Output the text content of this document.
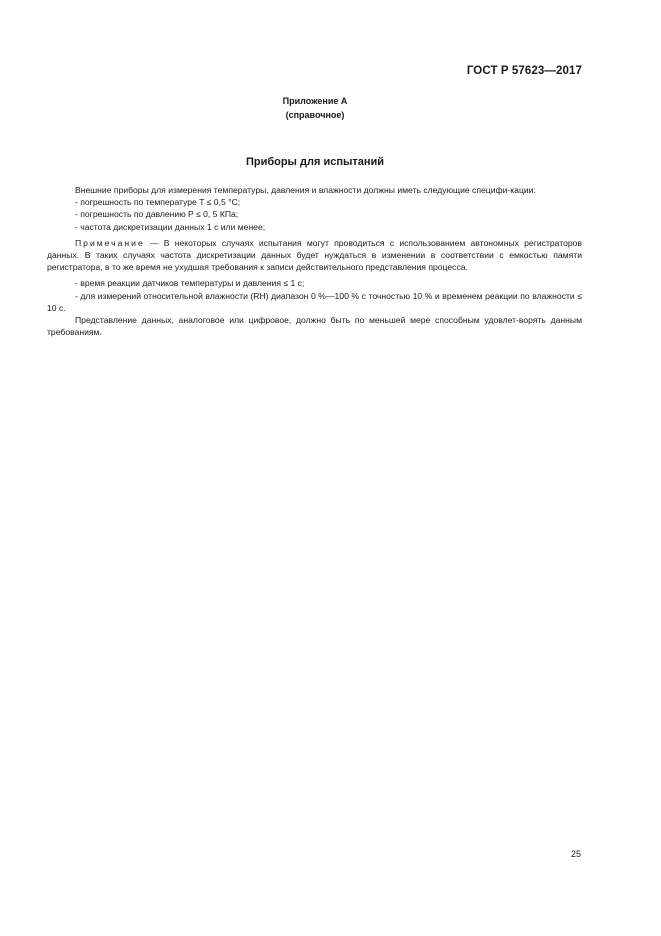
ГОСТ Р 57623—2017
Приложение А
(справочное)
Приборы для испытаний

Внешние приборы для измерения температуры, давления и влажности должны иметь следующие специфи-кации:

- погрешность по температуре T ≤ 0,5 °C;

- погрешность по давлению P ≤ 0, 5 КПа;

- частота дискретизации данных 1 с или менее;

Примечание — В некоторых случаях испытания могут проводиться с использованием автономных регистраторов данных. В таких случаях частота дискретизации данных будет нуждаться в изменении в соответствии с емкостью памяти регистратора, в то же время не ухудшая требования к записи действительного представления процесса.

- время реакции датчиков температуры и давления ≤ 1 с;

- для измерений относительной влажности (RH) диапазон 0 %—100 % с точностью 10 % и временем реакции по влажности ≤ 10 с.

Представление данных, аналоговое или цифровое, должно быть по меньшей мере способным удовлет-ворять данным требованиям.

25
